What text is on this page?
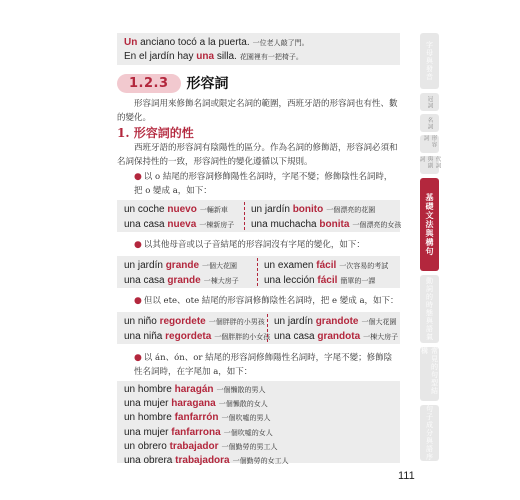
Un anciano tocó a la puerta. 一位老人敲了門。
En el jardín hay una silla. 花園裡有一把椅子。
1.2.3	形容詞
形容詞用來修飾名詞或限定名詞的範圍，西班牙語的形容詞也有性、數的變化。
1. 形容詞的性
西班牙語的形容詞有陰陽性的區分。作為名詞的修飾語，形容詞必須和名詞保持性的一致，形容詞性的變化遵循以下規則。
● 以 o 結尾的形容詞修飾陽性名詞時，字尾不變；修飾陰性名詞時，把 o 變成 a，如下：
un coche nuevo 一輛新車
una casa nueva 一棟新房子
un jardín bonito 一個漂亮的花園
una muchacha bonita 一個漂亮的女孩
● 以其他母音或以子音結尾的形容詞沒有字尾的變化，如下：
un jardín grande 一個大花園
una casa grande 一棟大房子
un examen fácil 一次容易的考試
una lección fácil 簡單的一課
● 但以 ete、ote 結尾的形容詞修飾陰性名詞時，把 e 變成 a，如下：
un niño regordete 一個胖胖的小男孩
una niña regordeta 一個胖胖的小女孩
un jardín grandote 一個大花園
una casa grandota 一棟大房子
● 以 án、ón、or 結尾的形容詞修飾陽性名詞時，字尾不變；修飾陰性名詞時，在字尾加 a，如下：
un hombre haragán 一個懶散的男人
una mujer haragana 一個懶散的女人
un hombre fanfarrón 一個吹噓的男人
una mujer fanfarrona 一個吹噓的女人
un obrero trabajador 一個勤勞的男工人
una obrera trabajadora 一個勤勞的女工人
字母與發音
冠詞
名詞
形容詞
代詞與副詞
基礎文法與構句
動詞的時態與語氣
常見的句型結構
句子成分與語序
111
